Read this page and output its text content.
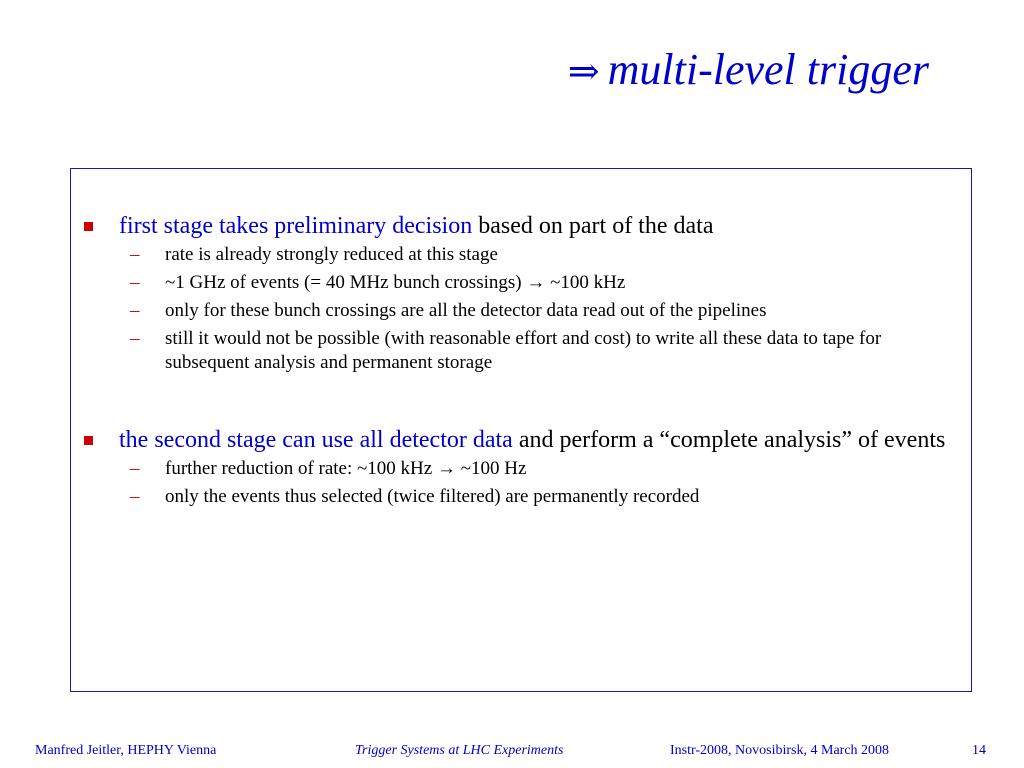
⇒ multi-level trigger
first stage takes preliminary decision based on part of the data
– rate is already strongly reduced at this stage
– ~1 GHz of events (= 40 MHz bunch crossings) → ~100 kHz
– only for these bunch crossings are all the detector data read out of the pipelines
– still it would not be possible (with reasonable effort and cost) to write all these data to tape for subsequent analysis and permanent storage
the second stage can use all detector data and perform a “complete analysis” of events
– further reduction of rate: ~100 kHz → ~100 Hz
– only the events thus selected (twice filtered) are permanently recorded
Manfred Jeitler, HEPHY Vienna	Trigger Systems at LHC Experiments	Instr-2008, Novosibirsk, 4 March 2008	14
